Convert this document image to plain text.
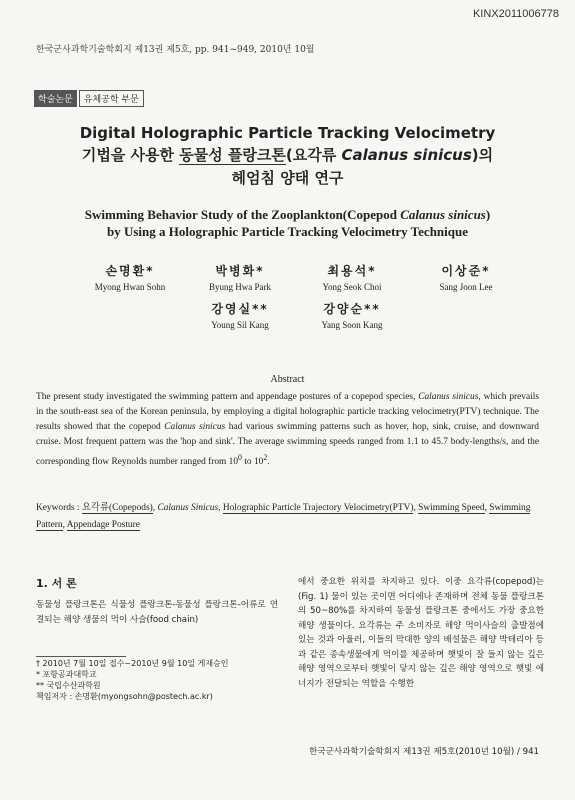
KINX2011006778
한국군사과학기술학회지 제13권 제5호, pp. 941~949, 2010년 10월
학술논문	유체공학 부문
Digital Holographic Particle Tracking Velocimetry
기법을 사용한 동물성 플랑크톤(요각류 Calanus sinicus)의
헤엄침 양태 연구
Swimming Behavior Study of the Zooplankton(Copepod Calanus sinicus)
by Using a Holographic Particle Tracking Velocimetry Technique
손명환*
Myong Hwan Sohn
박병화*
Byung Hwa Park
최용석*
Yong Seok Choi
이상준*
Sang Joon Lee
강영실**
Young Sil Kang
강양순**
Yang Soon Kang
Abstract
The present study investigated the swimming pattern and appendage postures of a copepod species, Calanus sinicus, which prevails in the south-east sea of the Korean peninsula, by employing a digital holographic particle tracking velocimetry(PTV) technique. The results showed that the copepod Calanus sinicus had various swimming patterns such as hover, hop, sink, cruise, and downward cruise. Most frequent pattern was the 'hop and sink'. The average swimming speeds ranged from 1.1 to 45.7 body-lengths/s, and the corresponding flow Reynolds number ranged from $10^0$ to $10^2$.
Keywords : 요각류(Copepods), Calanus Sinicus, Holographic Particle Trajectory Velocimetry(PTV), Swimming Speed, Swimming Pattern, Appendage Posture
1. 서 론
동물성 플랑크톤은 식물성 플랑크톤-동물성 플랑크톤-어류로 연결되는 해양 생물의 먹이 사슬(food chain)
† 2010년 7월 10일 접수~2010년 9월 10일 게재승인
* 포항공과대학교
** 국립수산과학원
책임저자 : 손명환(myongsohn@postech.ac.kr)
에서 중요한 위치를 차지하고 있다. 이중 요각류(copepod)는 (Fig. 1) 물이 있는 곳이면 어디에나 존재하며 전체 동물 플랑크톤의 50~80%를 차지하여 동물성 플랑크톤 중에서도 가장 중요한 해양 생물이다. 요각류는 주 소비자로 해양 먹이사슬의 출발점에 있는 것과 아울러, 이들의 막대한 양의 배설물은 해양 박테리아 등과 같은 종속생물에게 먹이를 제공하며 햇빛이 잘 들지 않는 깊은 해양 영역으로부터 햇빛이 닿지 않는 깊은 해양 영역으로 햇빛 에너지가 전달되는 역할을 수행한
한국군사과학기술학회지 제13권 제5호(2010년 10월) / 941
